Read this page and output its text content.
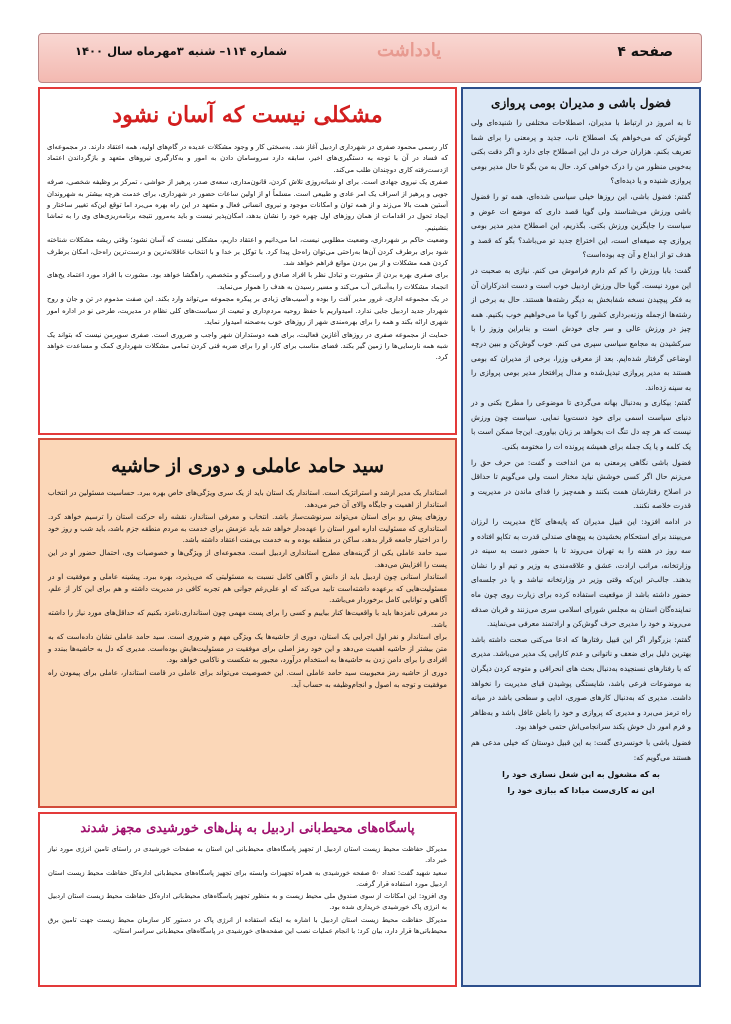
شماره ۱۱۴– شنبه ۳مهرماه سال ۱۴۰۰	یادداشت	صفحه ۴
مشکلی نیست که آسان نشود

کار رسمی محمود صفری در شهرداری اردبیل آغاز شد. به‌سختی کار و وجود مشکلات عدیده در گام‌های اولیه، همه اعتقاد دارند. در مجموعه‌ای که فساد در آن با توجه به دستگیری‌های اخیر، سابقه دارد سرو‌سامان دادن به امور و به‌کارگیری نیروهای متعهد و بازگرداندن اعتماد ازدست‌رفته کاری دوچندان طلب می‌کند.

صفری یک نیروی جهادی است. برای او شبانه‌روزی تلاش کردن، قانون‌مداری، سعه‌ی صدر، پرهیز از حواشی ، تمرکز بر وظیفه شخصی، صرفه جویی و پرهیز از اسراف یک امر عادی و طبیعی است. مسلماً او از اولین ساعات حضور در شهرداری، برای خدمت هرچه بیشتر به شهروندان آستین همت بالا می‌زند و از همه توان و امکانات موجود و نیروی انسانی فعال و متعهد در این راه بهره می‌برد اما توقع این‌که تغییر ساختار و ایجاد تحول در اقدامات از همان روزهای اول چهره خود را نشان بدهد، امکان‌پذیر نیست و باید به‌مرور نتیجه برنامه‌ریزی‌های وی را به تماشا بنشینیم.

وضعیت حاکم بر شهرداری، وضعیت مطلوبی نیست، اما می‌دانیم و اعتقاد داریم، مشکلی نیست که آسان نشود؛ وقتی ریشه مشکلات شناخته شود برای برطرف کردن آن‌ها به‌راحتی می‌توان راه‌حل پیدا کرد. با توکل بر خدا و با انتخاب عاقلانه‌ترین و درست‌ترین راه‌حل، امکان برطرف کردن همه مشکلات و از بین بردن موانع فراهم خواهد شد.

برای صفری بهره بردن از مشورت و تبادل نظر با افراد صادق و راست‌گو و متخصص، راهگشا خواهد بود. مشورت با افراد مورد اعتماد یخ‌های انجماد مشکلات را به‌آسانی آب می‌کند و مسیر رسیدن به هدف را هموار می‌نماید.

در یک مجموعه اداری، غرور مدیر آفت را بوده و آسیب‌های زیادی بر پیکره مجموعه می‌تواند وارد بکند. این صفت مذموم در تن و جان و روح شهردار جدید اردبیل جایی ندارد. امیدواریم با حفظ روحیه مردم‌داری و تبعیت از سیاست‌های کلی نظام در مدیریت، طرحی نو در اداره امور شهری ارائه بکند و همه را برای بهره‌مندی شهر از روزهای خوب به‌صحنه امیدوار نماید.

حمایت از مجموعه صفری در روزهای آغازین فعالیت، برای همه دوستداران شهر واجب و ضروری است. صفری سوپرمن نیست که بتواند یک شبه همه نارسایی‌ها را زمین گیر بکند. فضای مناسب برای کار، او را برای ضربه فنی کردن تمامی مشکلات شهرداری کمک و مساعدت خواهد کرد.

سید حامد عاملی و دوری از حاشیه

استاندار یک مدیر ارشد و استراتژیک است. استاندار یک استان باید از یک سری ویژگی‌های خاص بهره ببرد. حساسیت مسئولین در انتخاب استاندار از اهمیت و جایگاه والای آن خبر می‌دهد.

روزهای پیش رو برای استان می‌تواند سرنوشت‌ساز باشد. انتخاب و معرفی استاندار، نقشه راه حرکت استان را ترسیم خواهد کرد. استانداری که مسئولیت اداره امور استان را عهده‌دار خواهد شد باید عزمش برای خدمت به مردم منطقه جزم باشد، باید شب و روز خود را در اختیار جامعه قرار بدهد، ساکن در منطقه بوده و به خدمت بی‌منت اعتقاد داشته باشد.

سید حامد عاملی یکی از گزینه‌های مطرح استانداری اردبیل است. مجموعه‌ای از ویژگی‌ها و خصوصیات وی، احتمال حضور او در این پست را افزایش می‌دهد.

استاندار استانی چون اردبیل باید از دانش و آگاهی کامل نسبت به مسئولیتی که می‌پذیرد، بهره ببرد. پیشینه عاملی و موفقیت او در مسئولیت‌هایی که برعهده داشته‌است تایید می‌کند که او علی‌رغم جوانی هم تجربه کافی در مدیریت داشته و هم برای این کار از علم، آگاهی و توانایی کامل برخوردار می‌باشد.

در معرفی نامزدها باید با واقعیت‌ها کنار بیاییم و کسی را برای پست مهمی چون استانداری،نامزد بکنیم که حداقل‌های مورد نیاز را داشته باشد.

برای استاندار و نفر اول اجرایی یک استان، دوری از حاشیه‌ها یک ویژگی مهم و ضروری است. سید حامد عاملی نشان داده‌است که به متن بیشتر از حاشیه اهمیت می‌دهد و این خود رمز اصلی برای موفقیت در مسئولیت‌هایش بوده‌است. مدیری که دل به حاشیه‌ها ببندد و افرادی را برای دامن زدن به حاشیه‌ها به استخدام درآورد، مجبور به شکست و ناکامی خواهد بود.

دوری از حاشیه رمز محبوبیت سید حامد عاملی است. این خصوصیت می‌تواند برای عاملی در قامت استاندار، عاملی برای پیمودن راه موفقیت و توجه به اصول و انجام‌وظیفه به حساب آید.

پاسگاه‌های محیط‌بانی اردبیل به پنل‌های خورشیدی مجهز شدند

مدیرکل حفاظت محیط زیست استان اردبیل از تجهیز پاسگاه‌های محیط‌بانی این استان به صفحات خورشیدی در راستای تامین انرژی مورد نیاز خبر داد.

سعید شهید گفت: تعداد ۵۰ صفحه خورشیدی به همراه تجهیزات وابسته برای تجهیز پاسگاه‌های محیط‌بانی اداره‌کل حفاظت محیط زیست استان اردبیل مورد استفاده قرار گرفت.

وی افزود: این امکانات از سوی صندوق ملی محیط زیست و به منظور تجهیز پاسگاه‌های محیط‌بانی اداره‌کل حفاظت محیط زیست استان اردبیل به انرژی پاک خورشیدی خریداری شده بود.

مدیرکل حفاظت محیط زیست استان اردبیل با اشاره به اینکه استفاده از انرژی پاک در دستور کار سازمان محیط زیست جهت تامین برق محیط‌بانی‌ها قرار دارد، بیان کرد: با انجام عملیات نصب این صفحه‌های خورشیدی در پاسگاه‌های محیط‌بانی سراسر استان،

فضول باشی و مدیران بومی پروازی

تا به امروز در ارتباط با مدیران، اصطلاحات مختلفی را شنیده‌ای ولی گوش‌کن که می‌خواهم یک اصطلاح ناب، جدید و پرمعنی را برای شما تعریف بکنم. هزاران حرف در دل این اصطلاح جای دارد و اگر دقت بکنی به‌خوبی منظور من را درک خواهی کرد. حال به من بگو تا حال مدیر بومی پروازی شنیده و یا دیده‌ای؟

گفتم: فضول باشی، این روزها خیلی سیاسی شده‌ای، همه تو را فضول باشی ورزش می‌شناسند ولی گویا قصد داری که موضع ات عوض و سیاست را جایگزین ورزش بکنی. بگذریم، این اصطلاح مدیر مدیر بومی پروازی چه صیغه‌ای است، این اختراع جدید تو می‌باشد؟ بگو که قصد و هدف تو از ابداع و آن چه بوده‌است؟

گفت: بابا ورزش را کم کم دارم فراموش می کنم. نیازی به صحبت در این مورد نیست. گویا حال ورزش اردبیل خوب است و دست اندرکاران آن به فکر پیچیدن نسخه شفابخش به دیگر رشته‌ها هستند. حال به برخی از رشته‌ها ازجمله وزنه‌برداری کشور را گویا ما می‌خواهیم خوب بکنیم. همه چیز در ورزش عالی و سر جای خودش است و بنابراین وزوز را با سرکشیدن به مجامع سیاسی سپری می کنم. خوب گوش‌کن و ببین درچه اوضاعی گرفتار شده‌ایم. بعد از معرفی وزرا، برخی از مدیران که بومی هستند به مدیر پروازی تبدیل‌شده و مدال پرافتخار مدیر بومی پروازی را به سینه زده‌اند.

گفتم: بیکاری و به‌دنبال بهانه می‌گردی تا موضوعی را مطرح بکنی و در دنیای سیاست اسمی برای خود دست‌وپا نمایی. سیاست چون ورزش نیست که هر چه دل تنگ ات بخواهد بر زبان بیاوری. این‌جا ممکن است با یک کلمه و یا یک جمله برای همیشه پرونده ات را مختومه بکنی.

فضول باشی نگاهی پرمعنی به من انداخت و گفت: من حرف حق را می‌زنم حال اگر کسی خوشش نیاید مختار است ولی می‌گویم تا حداقل در اصلاح رفتارشان همت بکنند و همه‌چیز را فدای ماندن در مدیریت و قدرت خلاصه نکنند.

در ادامه افزود: این قبیل مدیران که پایه‌های کاخ مدیریت را لرزان می‌بینند برای استحکام بخشیدن به پیچ‌های صندلی قدرت به تکاپو افتاده و سه روز در هفته را به تهران می‌روند تا با حضور دست به سینه در وزارتخانه، مراتب ارادت، عشق و علاقه‌مندی به وزیر و تیم او را نشان بدهند. جالب‌تر این‌که وقتی وزیر در وزارتخانه نباشد و یا در جلسه‌ای حضور داشته باشد از موقعیت استفاده کرده برای زیارت روی چون ماه نماینده‌گان استان به مجلس شورای اسلامی سری می‌زنند و قربان صدقه می‌روند و خود را مدیری حرف گوش‌کن و ارادتمند معرفی می‌نمایند.

گفتم: بزرگوار اگر این قبیل رفتارها که ادعا می‌کنی صحت داشته باشد بهترین دلیل برای ضعف و ناتوانی و عدم کارایی یک مدیر می‌باشد. مدیری که با رفتارهای نسنجیده به‌دنبال بحث های انحرافی و متوجه کردن دیگران به موضوعات فرعی باشد، شایستگی پوشیدن قبای مدیریت را نخواهد داشت. مدیری که به‌دنبال کارهای صوری، ادایی و سطحی باشد در میانه راه ترمز می‌برد و مدیری که پروازی و خود را باطن غافل باشد و به‌ظاهر و فرم امور دل خوش بکند سرانجامی‌اش حتمی خواهد بود.

فضول باشی با خونسردی گفت: به این قبیل دوستان که خیلی مدعی هم هستند می‌گویم که:

به که مشغول به این شغل نسازی خود را
این نه کاری‌ست مبادا که ببازی خود را
